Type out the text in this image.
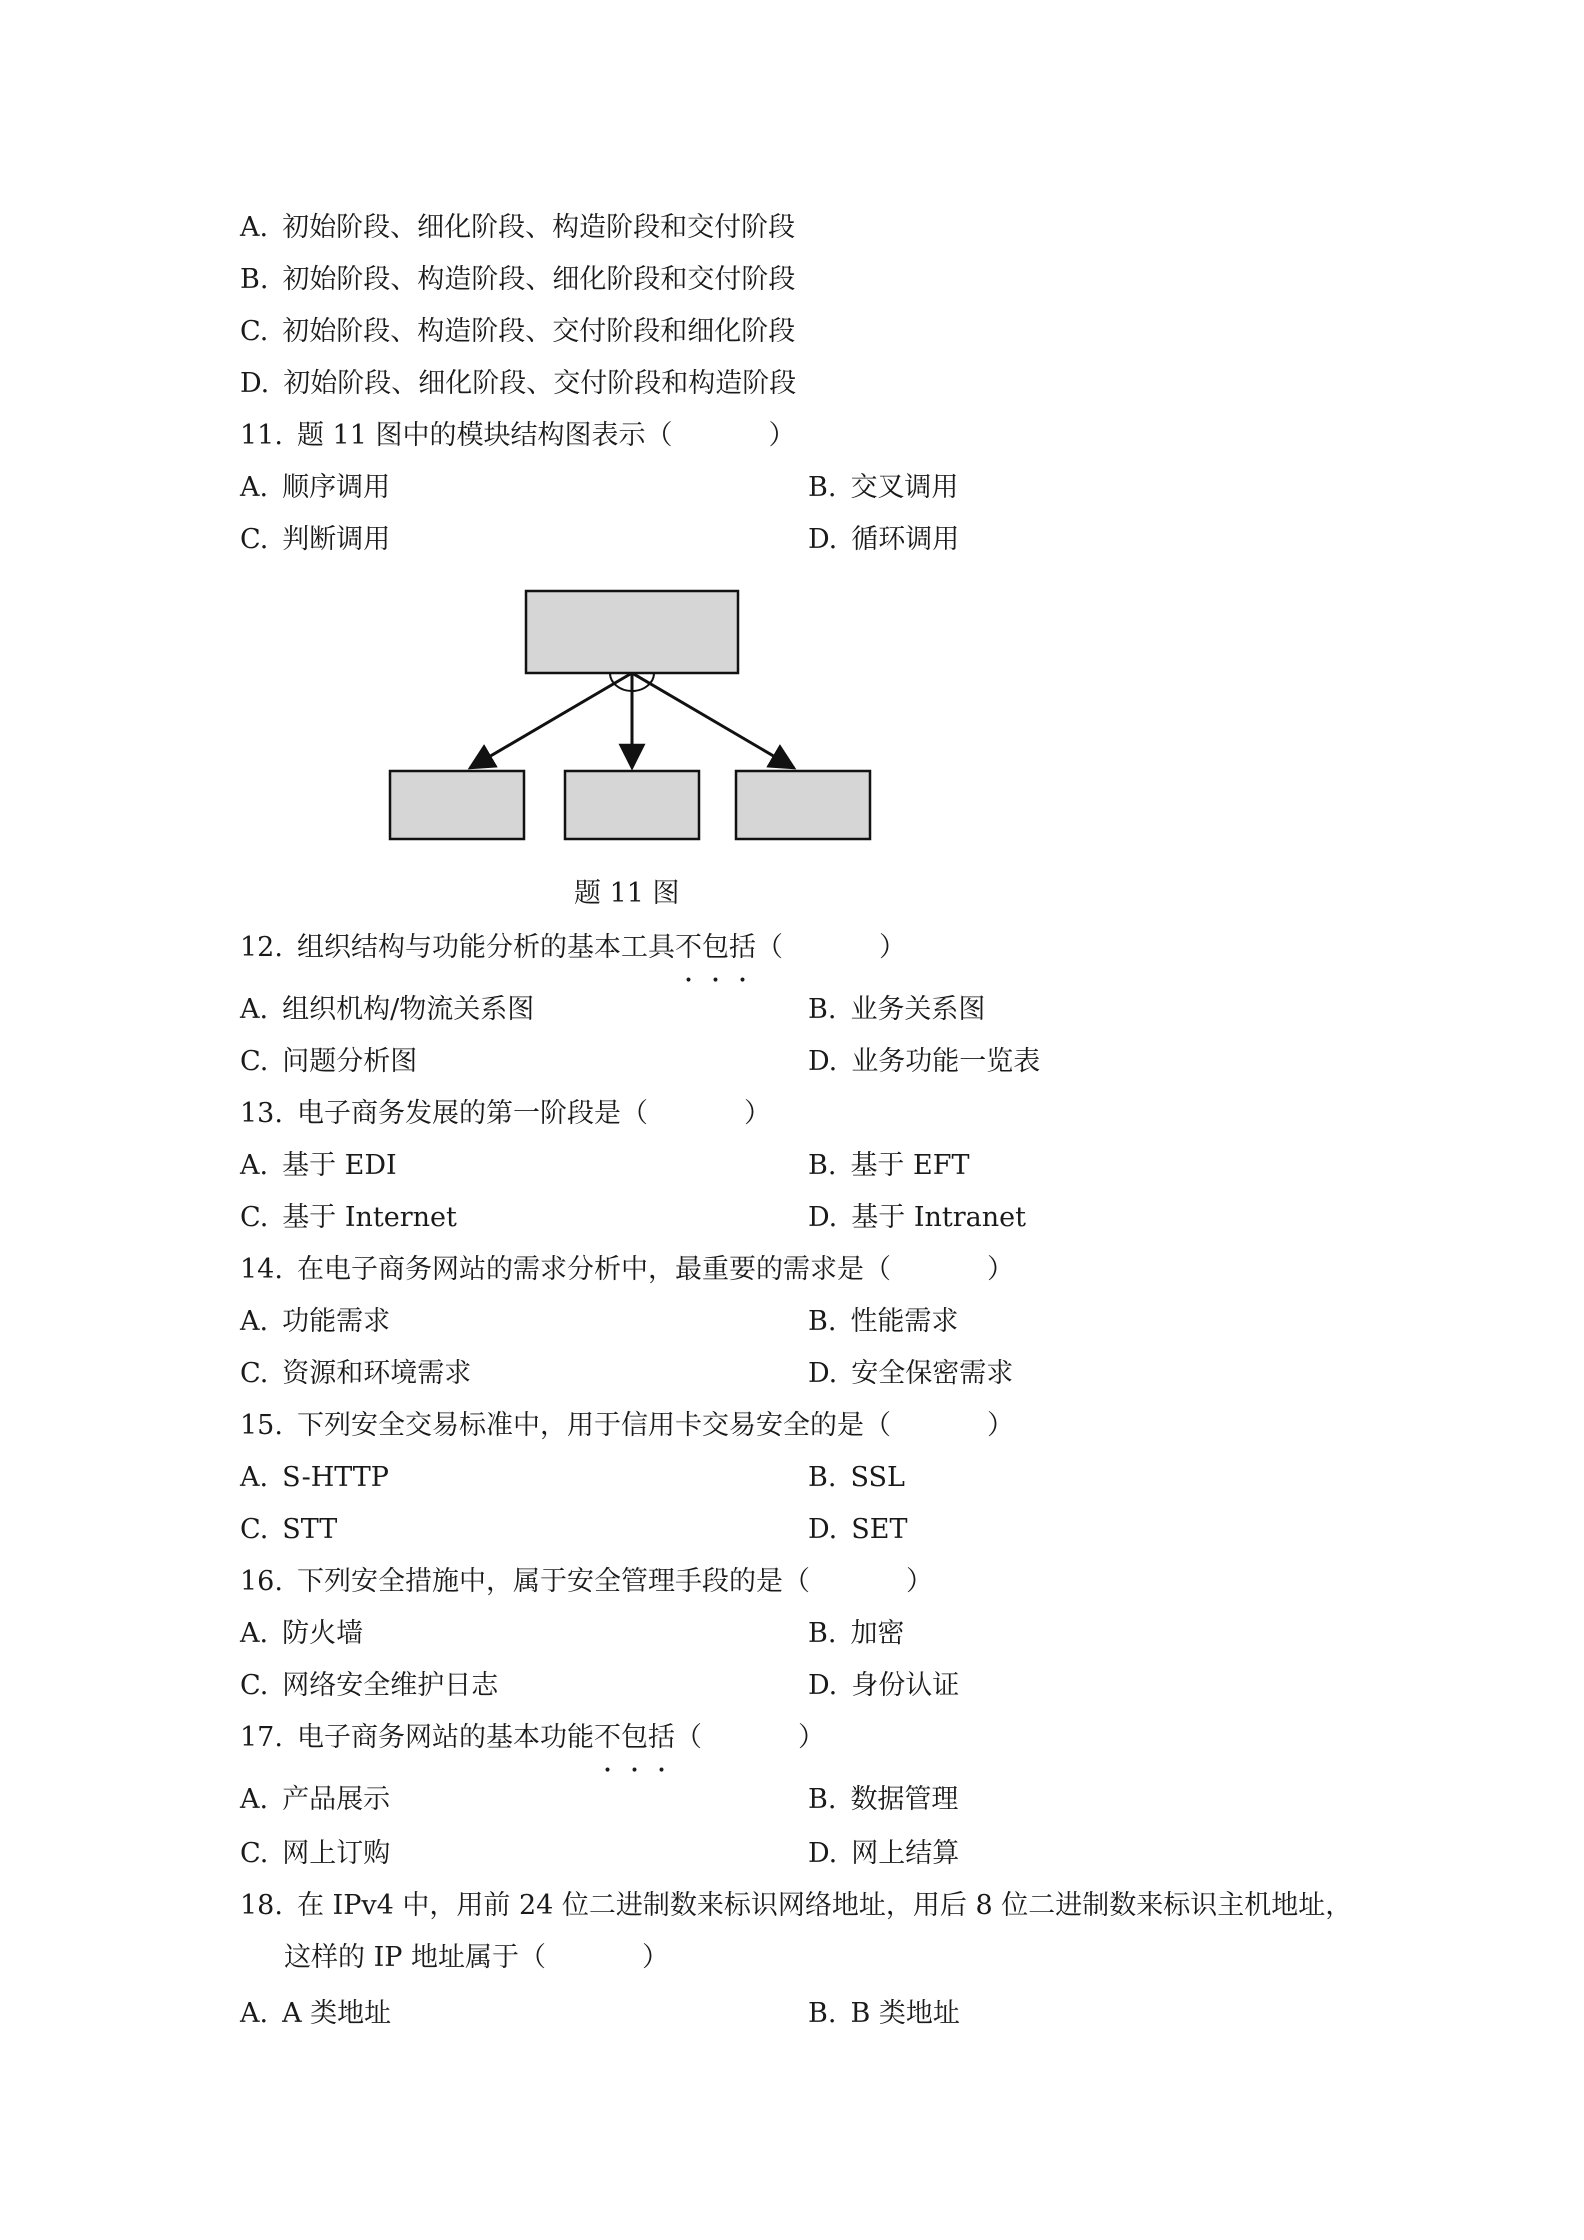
A. 初始阶段、细化阶段、构造阶段和交付阶段
B. 初始阶段、构造阶段、细化阶段和交付阶段
C. 初始阶段、构造阶段、交付阶段和细化阶段
D. 初始阶段、细化阶段、交付阶段和构造阶段
11. 题 11 图中的模块结构图表示（	）
A. 顺序调用	B. 交叉调用
C. 判断调用	D. 循环调用
题 11 图
12. 组织结构与功能分析的基本工具不包括（	）
A. 组织机构/物流关系图	B. 业务关系图
C. 问题分析图	D. 业务功能一览表
13. 电子商务发展的第一阶段是（	）
A. 基于 EDI	B. 基于 EFT
C. 基于 Internet	D. 基于 Intranet
14. 在电子商务网站的需求分析中，最重要的需求是（	）
A. 功能需求	B. 性能需求
C. 资源和环境需求	D. 安全保密需求
15. 下列安全交易标准中，用于信用卡交易安全的是（	）
A. S-HTTP	B. SSL
C. STT	D. SET
16. 下列安全措施中，属于安全管理手段的是（	）
A. 防火墙	B. 加密
C. 网络安全维护日志	D. 身份认证
17. 电子商务网站的基本功能不包括（	）
A. 产品展示	B. 数据管理
C. 网上订购	D. 网上结算
18. 在 IPv4 中，用前 24 位二进制数来标识网络地址，用后 8 位二进制数来标识主机地址，
这样的 IP 地址属于（	）
A. A 类地址	B. B 类地址
